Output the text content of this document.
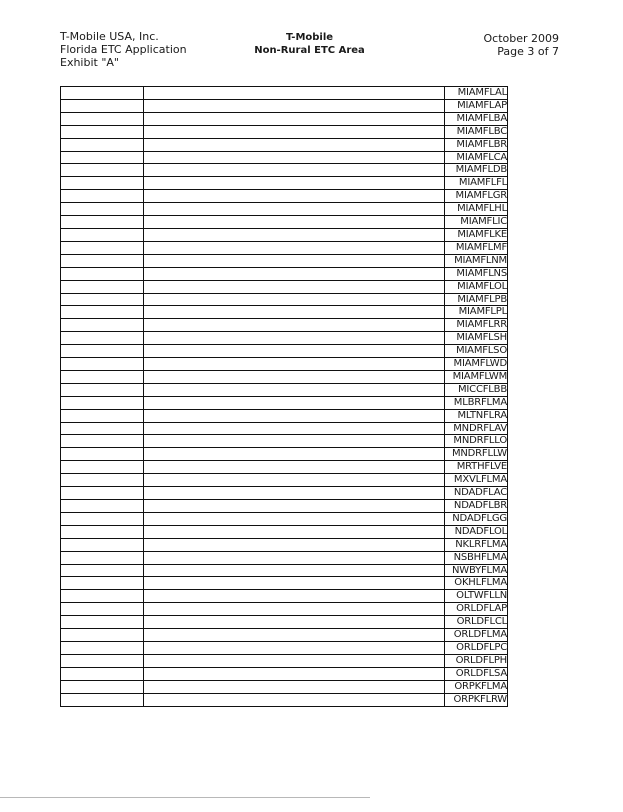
T-Mobile USA, Inc.
Florida ETC Application
Exhibit "A"
T-Mobile
Non-Rural ETC Area
October 2009
Page 3 of 7
		MIAMFLAL
		MIAMFLAP
		MIAMFLBA
		MIAMFLBC
		MIAMFLBR
		MIAMFLCA
		MIAMFLDB
		MIAMFLFL
		MIAMFLGR
		MIAMFLHL
		MIAMFLIC
		MIAMFLKE
		MIAMFLMF
		MIAMFLNM
		MIAMFLNS
		MIAMFLOL
		MIAMFLPB
		MIAMFLPL
		MIAMFLRR
		MIAMFLSH
		MIAMFLSO
		MIAMFLWD
		MIAMFLWM
		MICCFLBB
		MLBRFLMA
		MLTNFLRA
		MNDRFLAV
		MNDRFLLO
		MNDRFLLW
		MRTHFLVE
		MXVLFLMA
		NDADFLAC
		NDADFLBR
		NDADFLGG
		NDADFLOL
		NKLRFLMA
		NSBHFLMA
		NWBYFLMA
		OKHLFLMA
		OLTWFLLN
		ORLDFLAP
		ORLDFLCL
		ORLDFLMA
		ORLDFLPC
		ORLDFLPH
		ORLDFLSA
		ORPKFLMA
		ORPKFLRW
